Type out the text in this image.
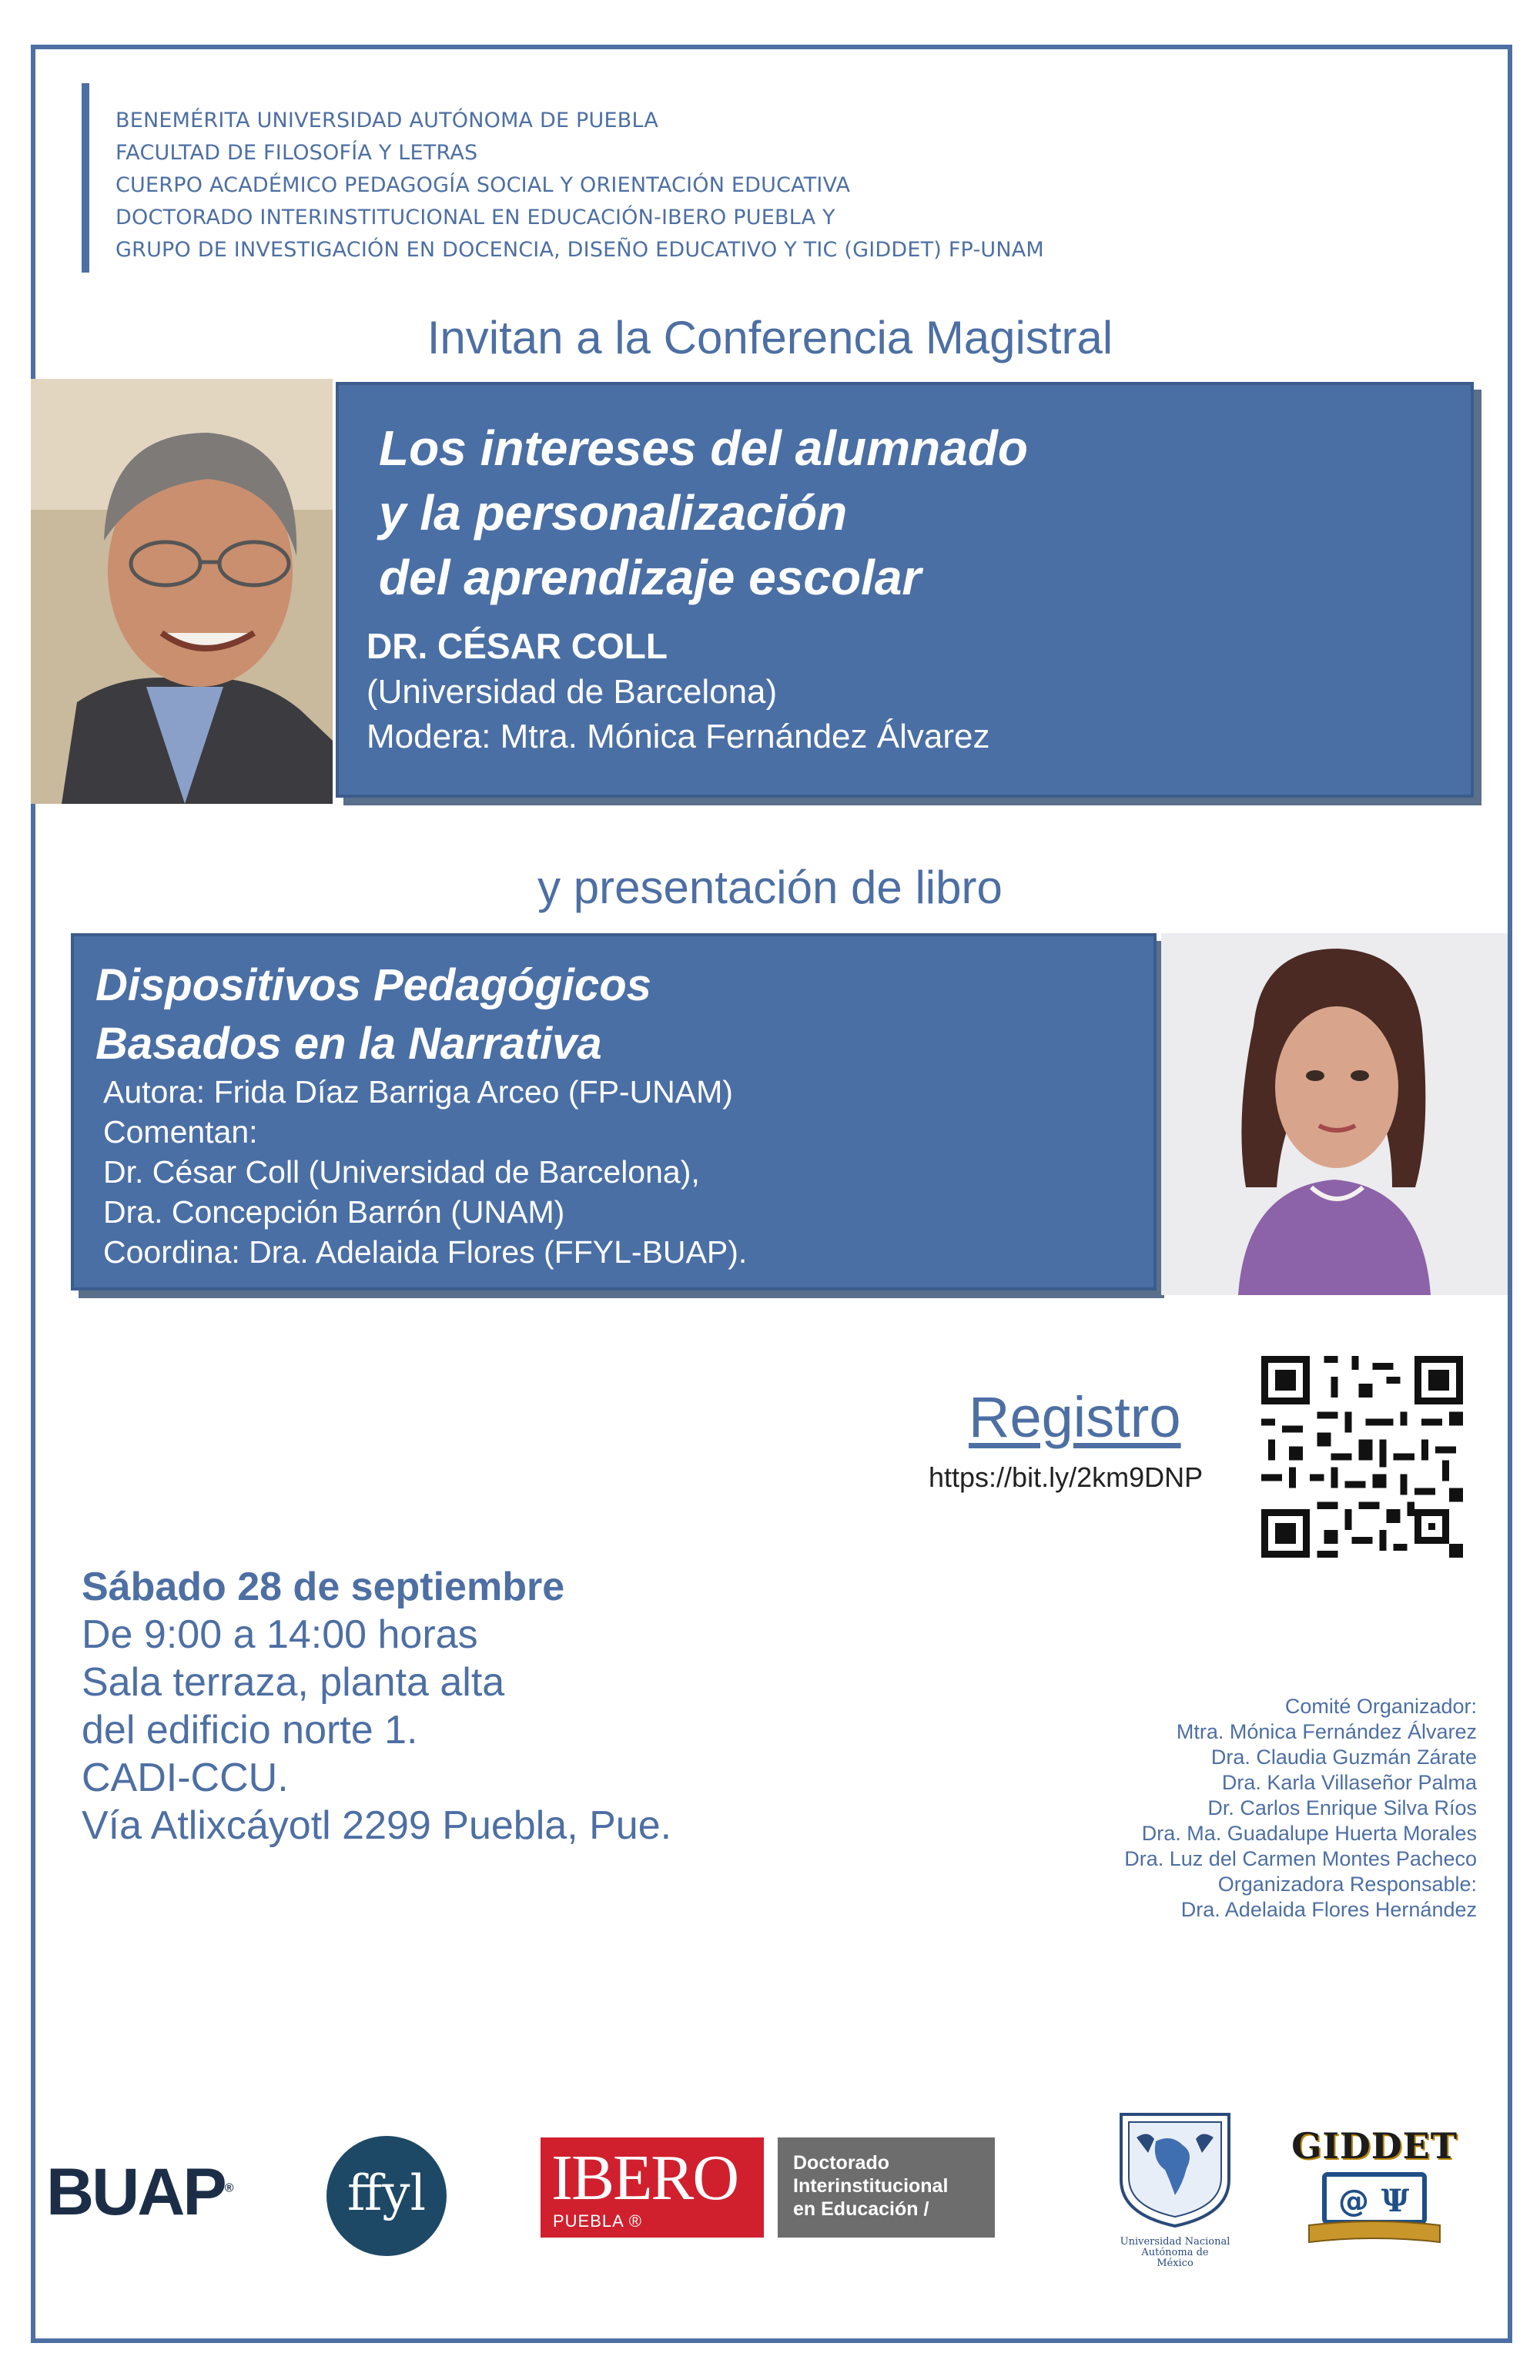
BENEMÉRITA UNIVERSIDAD AUTÓNOMA DE PUEBLA
FACULTAD DE FILOSOFÍA Y LETRAS
CUERPO ACADÉMICO PEDAGOGÍA SOCIAL Y ORIENTACIÓN EDUCATIVA
DOCTORADO INTERINSTITUCIONAL EN EDUCACIÓN-IBERO PUEBLA Y
GRUPO DE INVESTIGACIÓN EN DOCENCIA, DISEÑO EDUCATIVO Y TIC (GIDDET) FP-UNAM
Invitan a la Conferencia Magistral
Los intereses del alumnado
y la personalización
del aprendizaje escolar
DR. CÉSAR COLL
(Universidad de Barcelona)
Modera: Mtra. Mónica Fernández Álvarez
y presentación de libro
Dispositivos Pedagógicos
Basados en la Narrativa
Autora: Frida Díaz Barriga Arceo (FP-UNAM)
Comentan:
Dr. César Coll (Universidad de Barcelona),
Dra. Concepción Barrón (UNAM)
Coordina: Dra. Adelaida Flores (FFYL-BUAP).
Registro
https://bit.ly/2km9DNP
Sábado 28 de septiembre
De 9:00 a 14:00 horas
Sala terraza, planta alta
del edificio norte 1.
CADI-CCU.
Vía Atlixcáyotl 2299 Puebla, Pue.
Comité Organizador:
Mtra. Mónica Fernández Álvarez
Dra. Claudia Guzmán Zárate
Dra. Karla Villaseñor Palma
Dr. Carlos Enrique Silva Ríos
Dra. Ma. Guadalupe Huerta Morales
Dra. Luz del Carmen Montes Pacheco
Organizadora Responsable:
Dra. Adelaida Flores Hernández
BUAP®	ffyl	IBERO
PUEBLA ®
Doctorado
Interinstitucional
en Educación /
Universidad Nacional
Autónoma de
México
GIDDET
@ Ψ
